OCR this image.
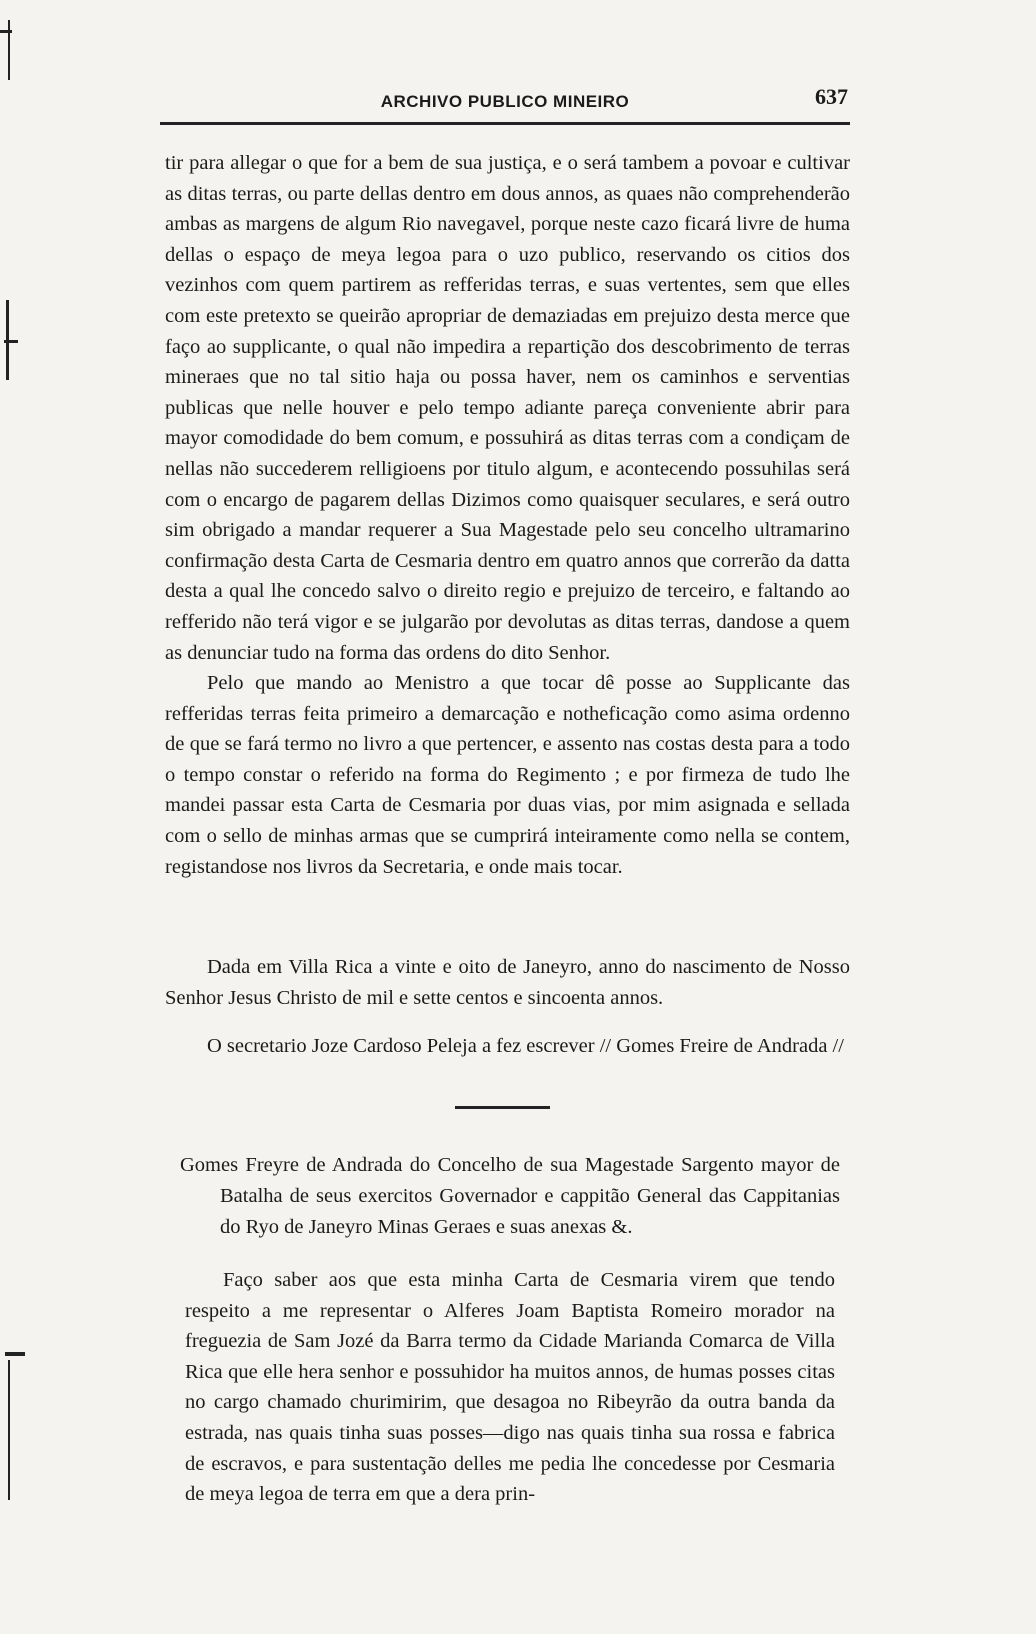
ARCHIVO PUBLICO MINEIRO	637

tir para allegar o que for a bem de sua justiça, e o será tambem a povoar e cultivar as ditas terras, ou parte dellas dentro em dous annos, as quaes não comprehenderão ambas as margens de algum Rio navegavel, porque neste cazo ficará livre de huma dellas o espaço de meya legoa para o uzo publico, reservando os citios dos vezinhos com quem partirem as refferidas terras, e suas vertentes, sem que elles com este pretexto se queirão apropriar de demaziadas em prejuizo desta merce que faço ao supplicante, o qual não impedira a repartição dos descobrimento de terras mineraes que no tal sitio haja ou possa haver, nem os caminhos e serventias publicas que nelle houver e pelo tempo adiante pareça conveniente abrir para mayor comodidade do bem comum, e possuhirá as ditas terras com a condiçam de nellas não succederem relligioens por titulo algum, e acontecendo possuhilas será com o encargo de pagarem dellas Dizimos como quaisquer seculares, e será outro sim obrigado a mandar requerer a Sua Magestade pelo seu concelho ultramarino confirmação desta Carta de Cesmaria dentro em quatro annos que correrão da datta desta a qual lhe concedo salvo o direito regio e prejuizo de terceiro, e faltando ao refferido não terá vigor e se julgarão por devolutas as ditas terras, dandose a quem as denunciar tudo na forma das ordens do dito Senhor.

Pelo que mando ao Menistro a que tocar dê posse ao Supplicante das refferidas terras feita primeiro a demarcação e notheficação como asima ordenno de que se fará termo no livro a que pertencer, e assento nas costas desta para a todo o tempo constar o referido na forma do Regimento ; e por firmeza de tudo lhe mandei passar esta Carta de Cesmaria por duas vias, por mim asignada e sellada com o sello de minhas armas que se cumprirá inteiramente como nella se contem, registandose nos livros da Secretaria, e onde mais tocar.

Dada em Villa Rica a vinte e oito de Janeyro, anno do nascimento de Nosso Senhor Jesus Christo de mil e sette centos e sincoenta annos.

O secretario Joze Cardoso Peleja a fez escrever // Gomes Freire de Andrada //

Gomes Freyre de Andrada do Concelho de sua Magestade Sargento mayor de Batalha de seus exercitos Governador e cappitão General das Cappitanias do Ryo de Janeyro Minas Geraes e suas anexas &.

Faço saber aos que esta minha Carta de Cesmaria virem que tendo respeito a me representar o Alferes Joam Baptista Romeiro morador na freguezia de Sam Jozé da Barra termo da Cidade Marianda Comarca de Villa Rica que elle hera senhor e possuhidor ha muitos annos, de humas posses citas no cargo chamado churimirim, que desagoa no Ribeyrão da outra banda da estrada, nas quais tinha suas posses—digo nas quais tinha sua rossa e fabrica de escravos, e para sustentação delles me pedia lhe concedesse por Cesmaria de meya legoa de terra em que a dera prin-
